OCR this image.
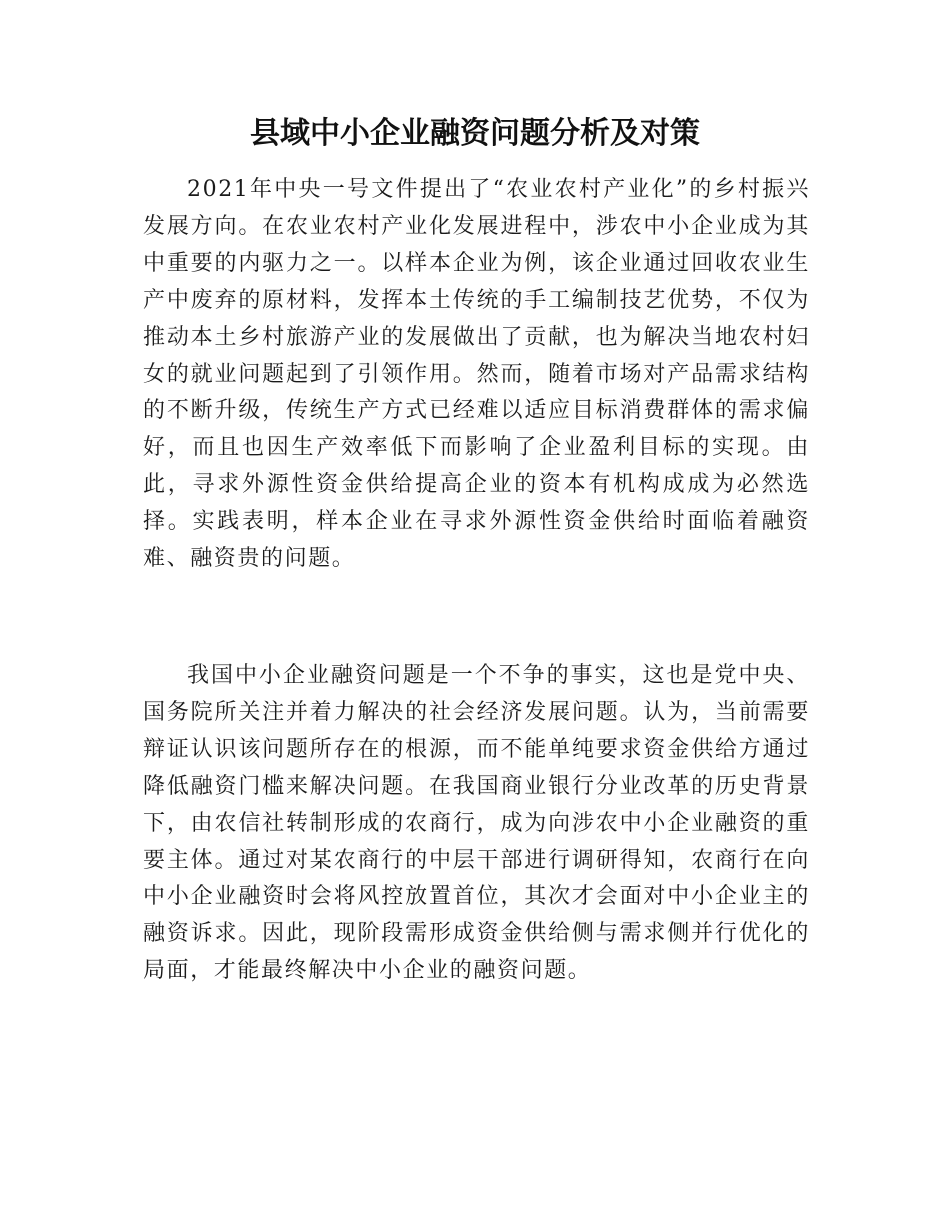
县域中小企业融资问题分析及对策

2021年中央一号文件提出了“农业农村产业化”的乡村振兴发展方向。在农业农村产业化发展进程中，涉农中小企业成为其中重要的内驱力之一。以样本企业为例，该企业通过回收农业生产中废弃的原材料，发挥本土传统的手工编制技艺优势，不仅为推动本土乡村旅游产业的发展做出了贡献，也为解决当地农村妇女的就业问题起到了引领作用。然而，随着市场对产品需求结构的不断升级，传统生产方式已经难以适应目标消费群体的需求偏好，而且也因生产效率低下而影响了企业盈利目标的实现。由此，寻求外源性资金供给提高企业的资本有机构成成为必然选择。实践表明，样本企业在寻求外源性资金供给时面临着融资难、融资贵的问题。

我国中小企业融资问题是一个不争的事实，这也是党中央、国务院所关注并着力解决的社会经济发展问题。认为，当前需要辩证认识该问题所存在的根源，而不能单纯要求资金供给方通过降低融资门槛来解决问题。在我国商业银行分业改革的历史背景下，由农信社转制形成的农商行，成为向涉农中小企业融资的重要主体。通过对某农商行的中层干部进行调研得知，农商行在向中小企业融资时会将风控放置首位，其次才会面对中小企业主的融资诉求。因此，现阶段需形成资金供给侧与需求侧并行优化的局面，才能最终解决中小企业的融资问题。
